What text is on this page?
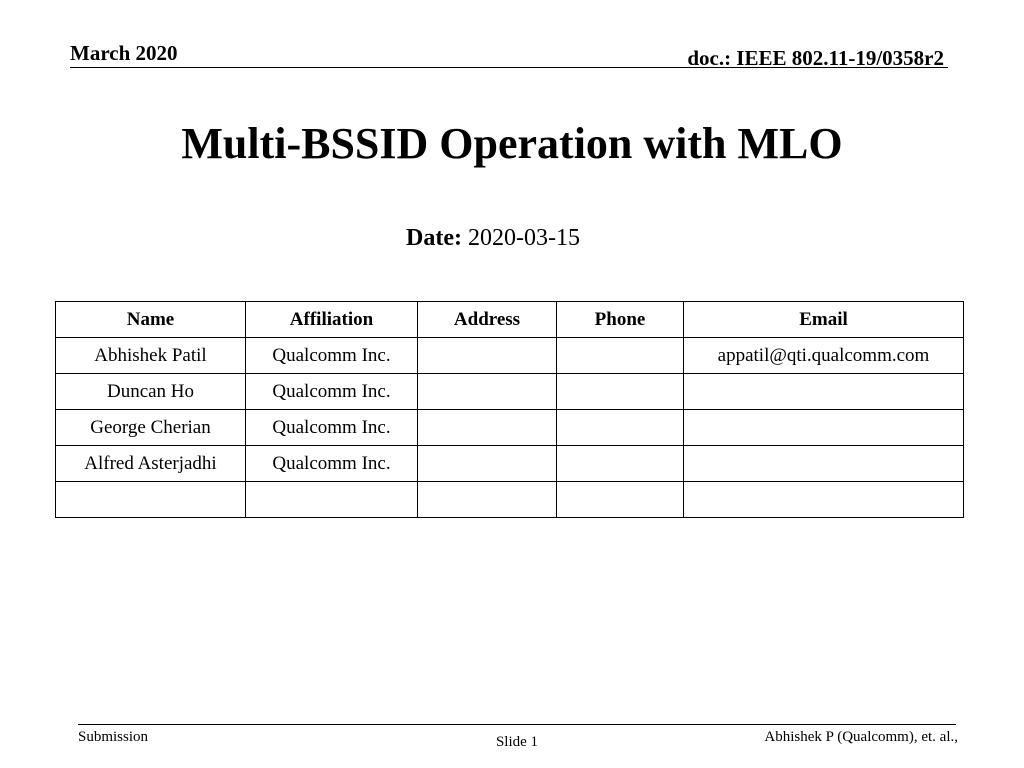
March 2020	doc.: IEEE 802.11-19/0358r2
Multi-BSSID Operation with MLO
Date: 2020-03-15
Name	Affiliation	Address	Phone	Email
Abhishek Patil	Qualcomm Inc.			appatil@qti.qualcomm.com
Duncan Ho	Qualcomm Inc.			
George Cherian	Qualcomm Inc.			
Alfred Asterjadhi	Qualcomm Inc.			

Submission	Slide 1	Abhishek P (Qualcomm), et. al.,
